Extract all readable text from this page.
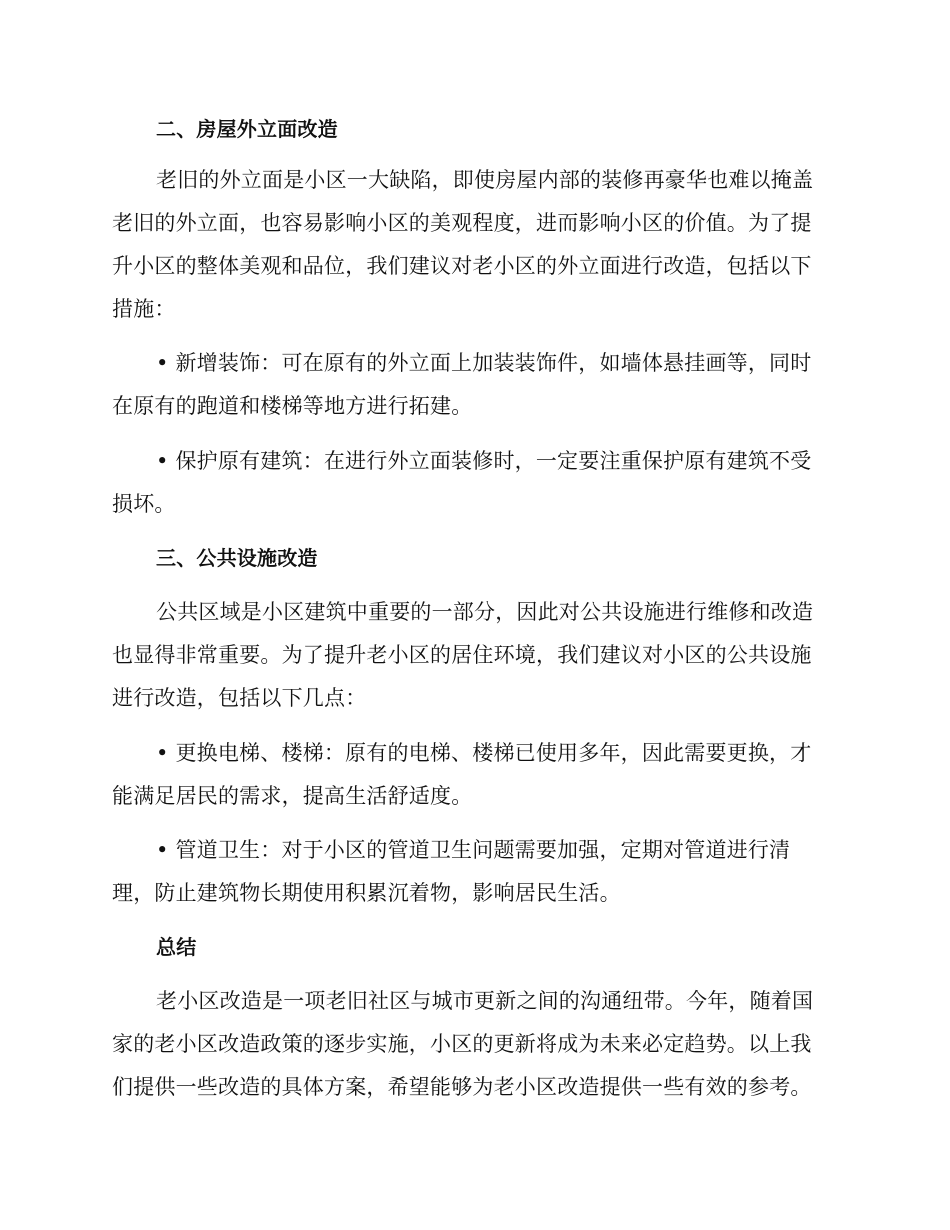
二、房屋外立面改造
老旧的外立面是小区一大缺陷，即使房屋内部的装修再豪华也难以掩盖
老旧的外立面，也容易影响小区的美观程度，进而影响小区的价值。为了提
升小区的整体美观和品位，我们建议对老小区的外立面进行改造，包括以下
措施：
• 新增装饰：可在原有的外立面上加装装饰件，如墙体悬挂画等，同时
在原有的跑道和楼梯等地方进行拓建。
• 保护原有建筑：在进行外立面装修时，一定要注重保护原有建筑不受
损坏。
三、公共设施改造
公共区域是小区建筑中重要的一部分，因此对公共设施进行维修和改造
也显得非常重要。为了提升老小区的居住环境，我们建议对小区的公共设施
进行改造，包括以下几点：
• 更换电梯、楼梯：原有的电梯、楼梯已使用多年，因此需要更换，才
能满足居民的需求，提高生活舒适度。
• 管道卫生：对于小区的管道卫生问题需要加强，定期对管道进行清
理，防止建筑物长期使用积累沉着物，影响居民生活。
总结
老小区改造是一项老旧社区与城市更新之间的沟通纽带。今年，随着国
家的老小区改造政策的逐步实施，小区的更新将成为未来必定趋势。以上我
们提供一些改造的具体方案，希望能够为老小区改造提供一些有效的参考。
